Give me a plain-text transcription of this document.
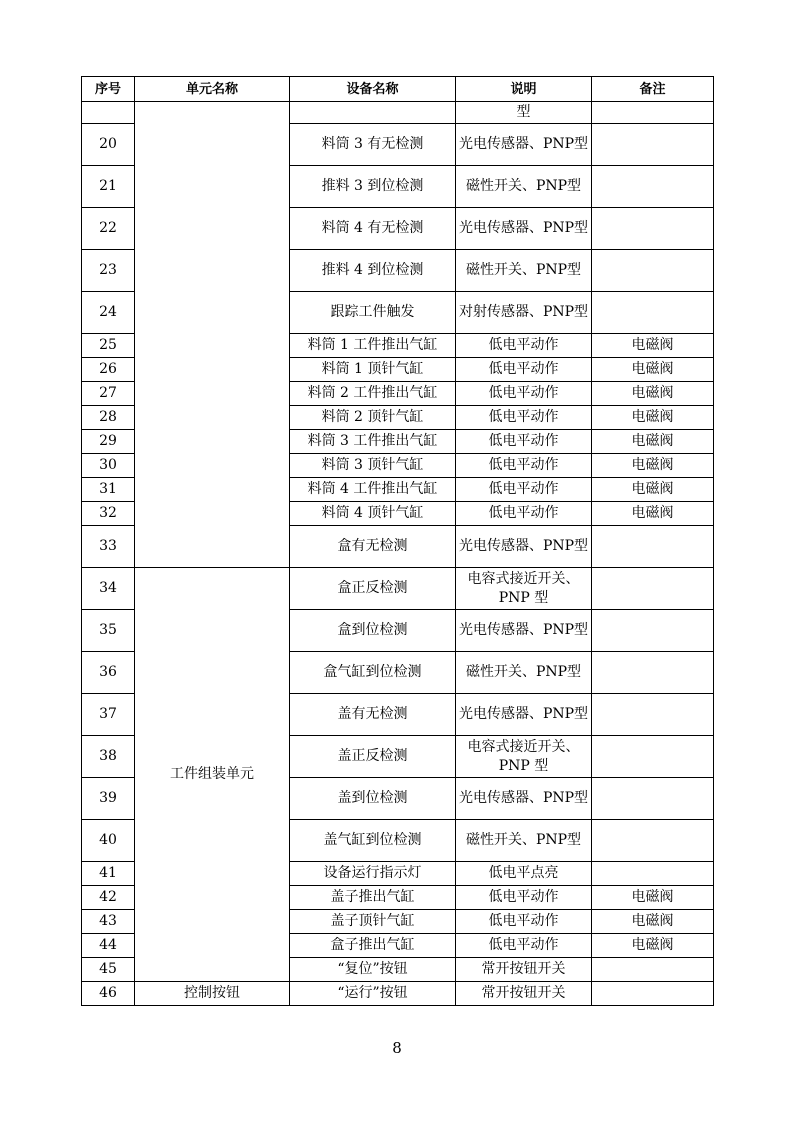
序号	单元名称	设备名称	说明	备注
			型	
20		料筒 3 有无检测	光电传感器、PNP型	
21		推料 3 到位检测	磁性开关、PNP型	
22		料筒 4 有无检测	光电传感器、PNP型	
23		推料 4 到位检测	磁性开关、PNP型	
24		跟踪工件触发	对射传感器、PNP型	
25		料筒 1 工件推出气缸	低电平动作	电磁阀
26		料筒 1 顶针气缸	低电平动作	电磁阀
27		料筒 2 工件推出气缸	低电平动作	电磁阀
28		料筒 2 顶针气缸	低电平动作	电磁阀
29		料筒 3 工件推出气缸	低电平动作	电磁阀
30		料筒 3 顶针气缸	低电平动作	电磁阀
31		料筒 4 工件推出气缸	低电平动作	电磁阀
32		料筒 4 顶针气缸	低电平动作	电磁阀
33		盒有无检测	光电传感器、PNP型	
34	工件组装单元	盒正反检测	电容式接近开关、PNP 型	
35		盒到位检测	光电传感器、PNP型	
36		盒气缸到位检测	磁性开关、PNP型	
37		盖有无检测	光电传感器、PNP型	
38		盖正反检测	电容式接近开关、PNP 型	
39		盖到位检测	光电传感器、PNP型	
40		盖气缸到位检测	磁性开关、PNP型	
41		设备运行指示灯	低电平点亮	
42		盖子推出气缸	低电平动作	电磁阀
43		盖子顶针气缸	低电平动作	电磁阀
44		盒子推出气缸	低电平动作	电磁阀
45		“复位”按钮	常开按钮开关	
46	控制按钮	“运行”按钮	常开按钮开关	
8
